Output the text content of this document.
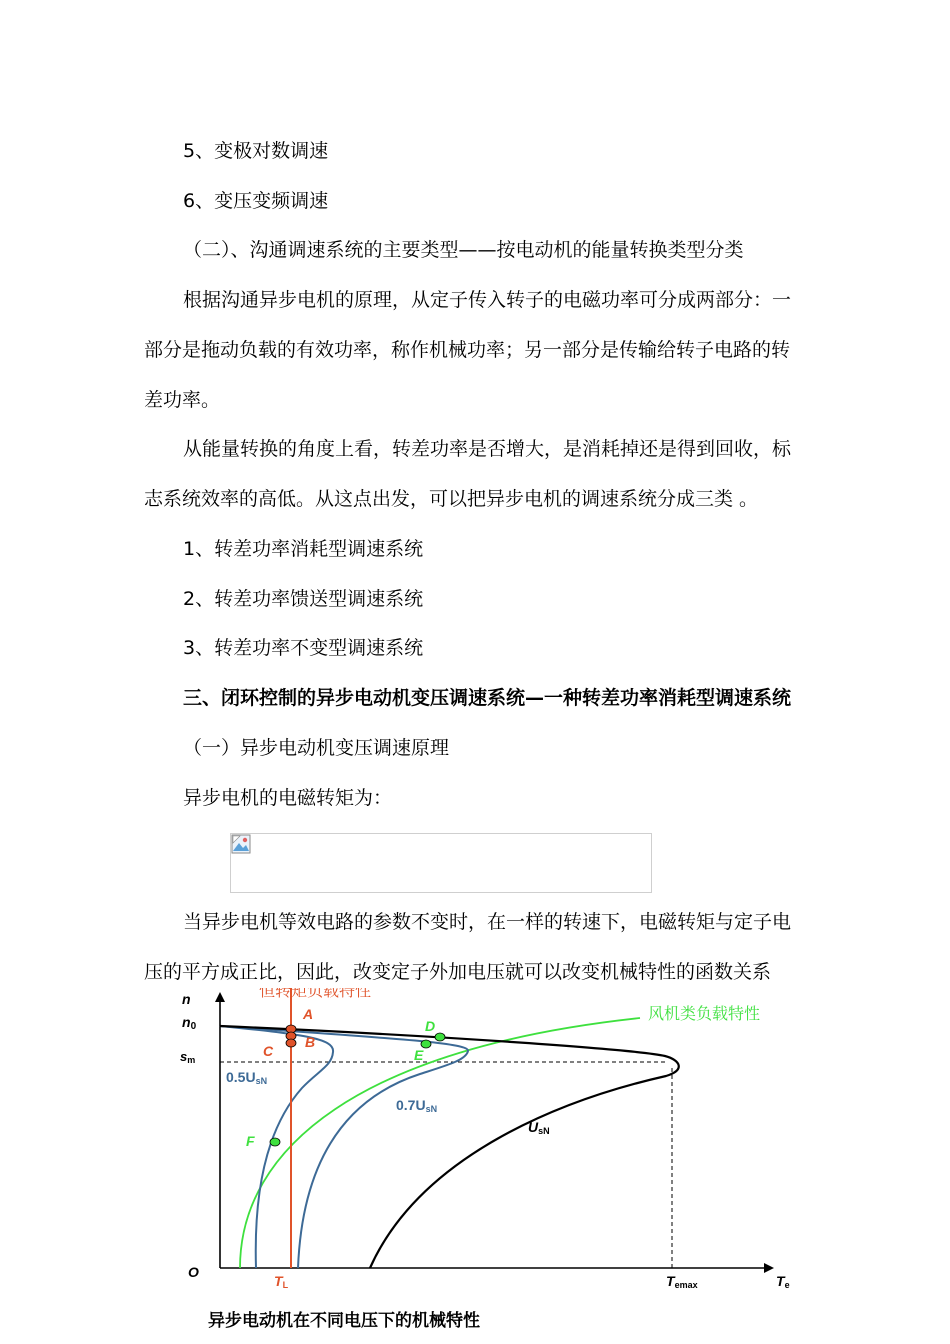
5、变极对数调速
6、变压变频调速
（二）、沟通调速系统的主要类型——按电动机的能量转换类型分类
根据沟通异步电机的原理，从定子传入转子的电磁功率可分成两部分：一
部分是拖动负载的有效功率，称作机械功率；另一部分是传输给转子电路的转
差功率。
从能量转换的角度上看，转差功率是否增大，是消耗掉还是得到回收，标
志系统效率的高低。从这点出发，可以把异步电机的调速系统分成三类 。
1、转差功率消耗型调速系统
2、转差功率馈送型调速系统
3、转差功率不变型调速系统
三、闭环控制的异步电动机变压调速系统—一种转差功率消耗型调速系统
（一）异步电动机变压调速原理
异步电机的电磁转矩为：
当异步电机等效电路的参数不变时，在一样的转速下，电磁转矩与定子电
压的平方成正比，因此，改变定子外加电压就可以改变机械特性的函数关系
n
n0
sm
O
Te
TL	Temax
恒转矩负载特性
风机类负载特性
0.5UsN
0.7UsN
UsN
A
B
C
D
E
F
异步电动机在不同电压下的机械特性
